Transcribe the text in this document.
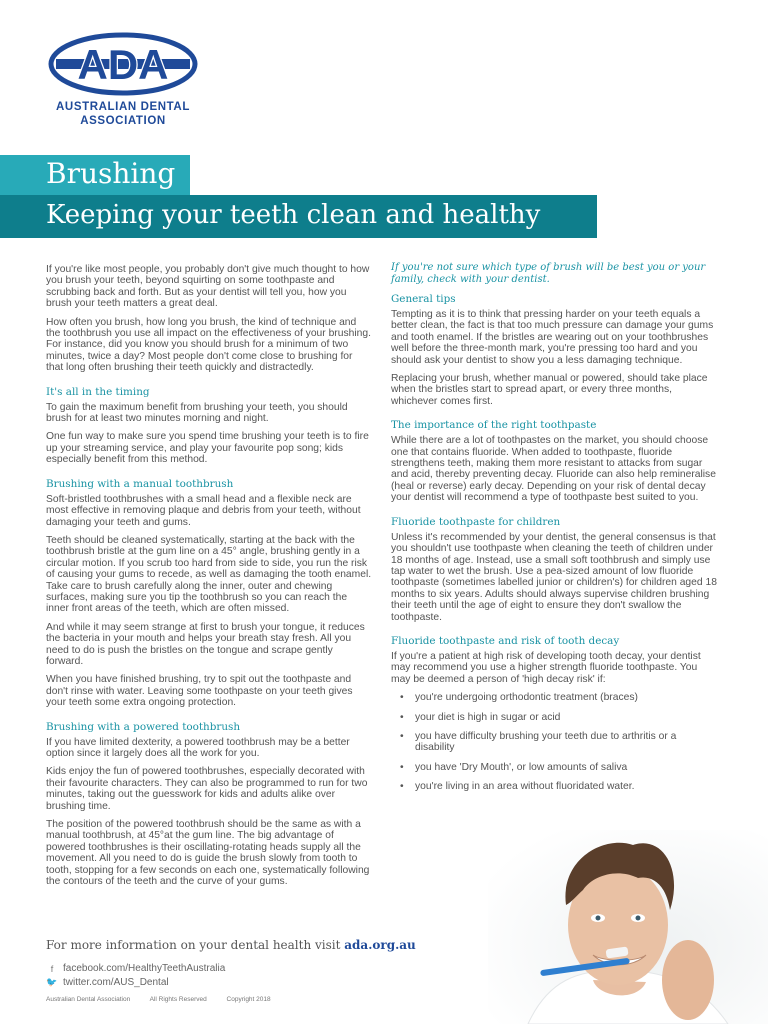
ADA
AUSTRALIAN DENTAL
ASSOCIATION
Brushing
Keeping your teeth clean and healthy

If you're like most people, you probably don't give much thought to how you brush your teeth, beyond squirting on some toothpaste and scrubbing back and forth. But as your dentist will tell you, how you brush your teeth matters a great deal.

How often you brush, how long you brush, the kind of technique and the toothbrush you use all impact on the effectiveness of your brushing. For instance, did you know you should brush for a minimum of two minutes, twice a day? Most people don't come close to brushing for that long often brushing their teeth quickly and distractedly.

It's all in the timing

To gain the maximum benefit from brushing your teeth, you should brush for at least two minutes morning and night.

One fun way to make sure you spend time brushing your teeth is to fire up your streaming service, and play your favourite pop song; kids especially benefit from this method.

Brushing with a manual toothbrush

Soft-bristled toothbrushes with a small head and a flexible neck are most effective in removing plaque and debris from your teeth, without damaging your teeth and gums.

Teeth should be cleaned systematically, starting at the back with the toothbrush bristle at the gum line on a 45° angle, brushing gently in a circular motion. If you scrub too hard from side to side, you run the risk of causing your gums to recede, as well as damaging the tooth enamel. Take care to brush carefully along the inner, outer and chewing surfaces, making sure you tip the toothbrush so you can reach the inner front areas of the teeth, which are often missed.

And while it may seem strange at first to brush your tongue, it reduces the bacteria in your mouth and helps your breath stay fresh. All you need to do is push the bristles on the tongue and scrape gently forward.

When you have finished brushing, try to spit out the toothpaste and don't rinse with water. Leaving some toothpaste on your teeth gives your teeth some extra ongoing protection.

Brushing with a powered toothbrush

If you have limited dexterity, a powered toothbrush may be a better option since it largely does all the work for you.

Kids enjoy the fun of powered toothbrushes, especially decorated with their favourite characters. They can also be programmed to run for two minutes, taking out the guesswork for kids and adults alike over brushing time.

The position of the powered toothbrush should be the same as with a manual toothbrush, at 45°at the gum line. The big advantage of powered toothbrushes is their oscillating-rotating heads supply all the movement. All you need to do is guide the brush slowly from tooth to tooth, stopping for a few seconds on each one, systematically following the contours of the teeth and the curve of your gums.

If you're not sure which type of brush will be best you or your family, check with your dentist.

General tips

Tempting as it is to think that pressing harder on your teeth equals a better clean, the fact is that too much pressure can damage your gums and tooth enamel. If the bristles are wearing out on your toothbrushes well before the three-month mark, you're pressing too hard and you should ask your dentist to show you a less damaging technique.

Replacing your brush, whether manual or powered, should take place when the bristles start to spread apart, or every three months, whichever comes first.

The importance of the right toothpaste

While there are a lot of toothpastes on the market, you should choose one that contains fluoride. When added to toothpaste, fluoride strengthens teeth, making them more resistant to attacks from sugar and acid, thereby preventing decay. Fluoride can also help remineralise (heal or reverse) early decay. Depending on your risk of dental decay your dentist will recommend a type of toothpaste best suited to you.

Fluoride toothpaste for children

Unless it's recommended by your dentist, the general consensus is that you shouldn't use toothpaste when cleaning the teeth of children under 18 months of age. Instead, use a small soft toothbrush and simply use tap water to wet the brush. Use a pea-sized amount of low fluoride toothpaste (sometimes labelled junior or children's) for children aged 18 months to six years. Adults should always supervise children brushing their teeth until the age of eight to ensure they don't swallow the toothpaste.

Fluoride toothpaste and risk of tooth decay

If you're a patient at high risk of developing tooth decay, your dentist may recommend you use a higher strength fluoride toothpaste. You may be deemed a person of 'high decay risk' if:

• you're undergoing orthodontic treatment (braces)
• your diet is high in sugar or acid
• you have difficulty brushing your teeth due to arthritis or a disability
• you have 'Dry Mouth', or low amounts of saliva
• you're living in an area without fluoridated water.
For more information on your dental health visit ada.org.au
f facebook.com/HealthyTeethAustralia
🐦 twitter.com/AUS_Dental
Australian Dental Association	All Rights Reserved	Copyright 2018
